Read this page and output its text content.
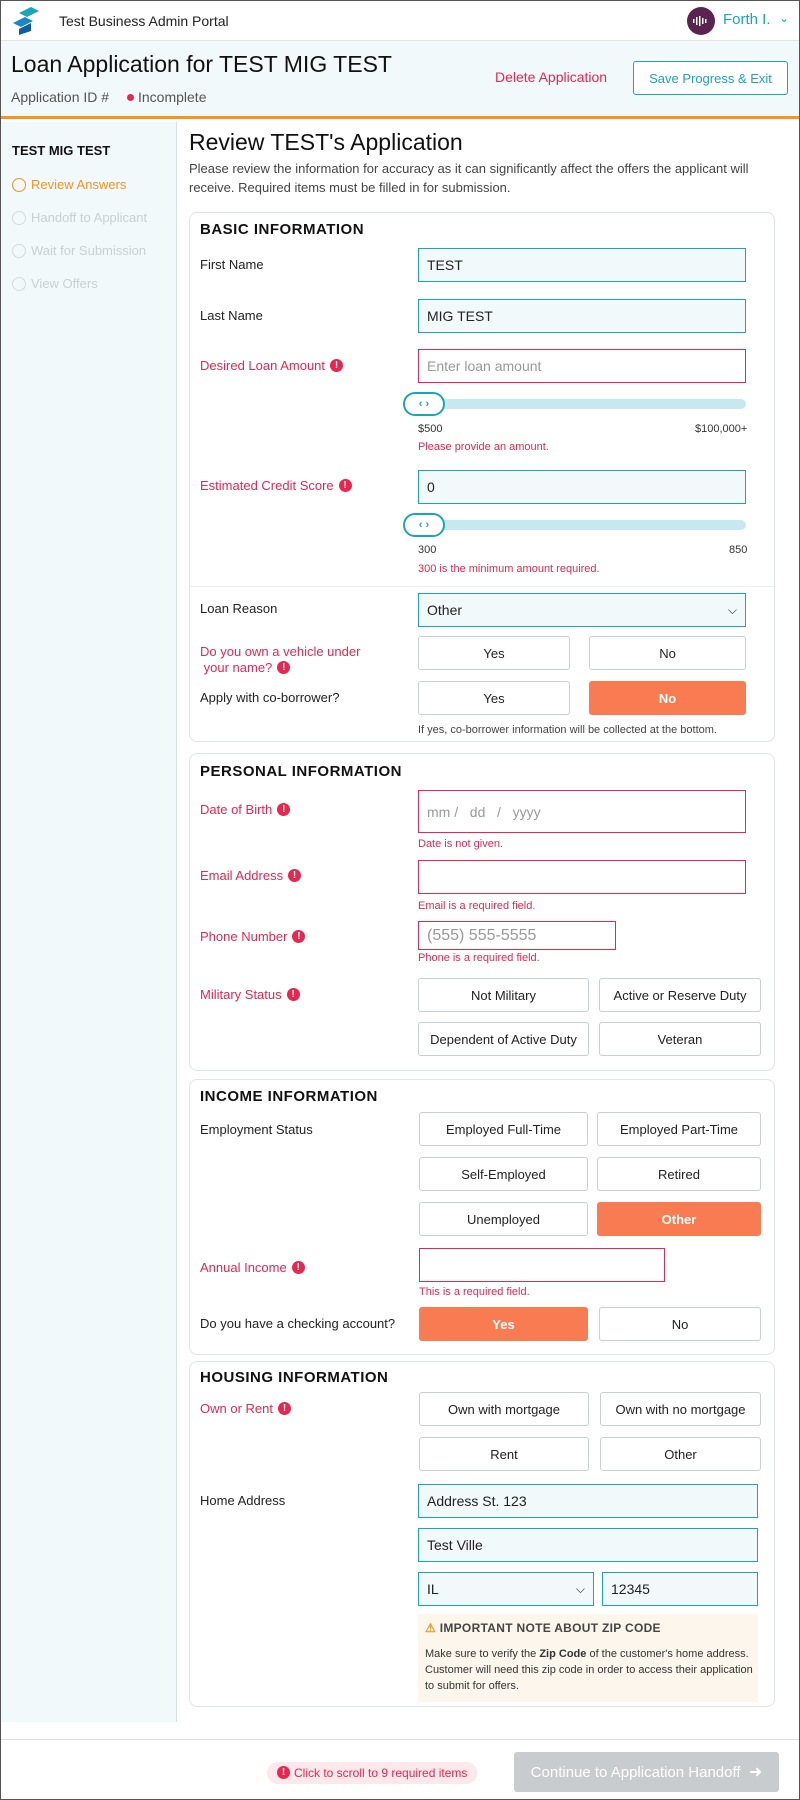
Test Business Admin Portal	Forth I. ⌄
Loan Application for TEST MIG TEST
Application ID #	Incomplete
Delete Application	Save Progress & Exit
TEST MIG TEST
Review Answers
Handoff to Applicant
Wait for Submission
View Offers
Review TEST's Application
Please review the information for accuracy as it can significantly affect the offers the applicant will receive. Required items must be filled in for submission.
BASIC INFORMATION
First Name	TEST
Last Name	MIG TEST
Desired Loan Amount !	Enter loan amount
‹ ›
$500	$100,000+
Please provide an amount.
Estimated Credit Score !	0
‹ ›
300	850
300 is the minimum amount required.
Loan Reason	Other	⌵
Do you own a vehicle under
your name? !
Yes	No
Apply with co-borrower?	Yes	No
If yes, co-borrower information will be collected at the bottom.
PERSONAL INFORMATION
Date of Birth !	mm / dd / yyyy
Date is not given.
Email Address !
Email is a required field.
Phone Number !	(555) 555-5555
Phone is a required field.
Military Status !	Not Military	Active or Reserve Duty
Dependent of Active Duty	Veteran
INCOME INFORMATION
Employment Status	Employed Full-Time	Employed Part-Time
Self-Employed	Retired
Unemployed	Other
Annual Income !
This is a required field.
Do you have a checking account?	Yes	No
HOUSING INFORMATION
Own or Rent !	Own with mortgage	Own with no mortgage
Rent	Other
Home Address	Address St. 123
Test Ville
IL	⌵	12345
⚠ IMPORTANT NOTE ABOUT ZIP CODE
Make sure to verify the Zip Code of the customer's home address. Customer will need this zip code in order to access their application to submit for offers.
! Click to scroll to 9 required items	Continue to Application Handoff
➜
